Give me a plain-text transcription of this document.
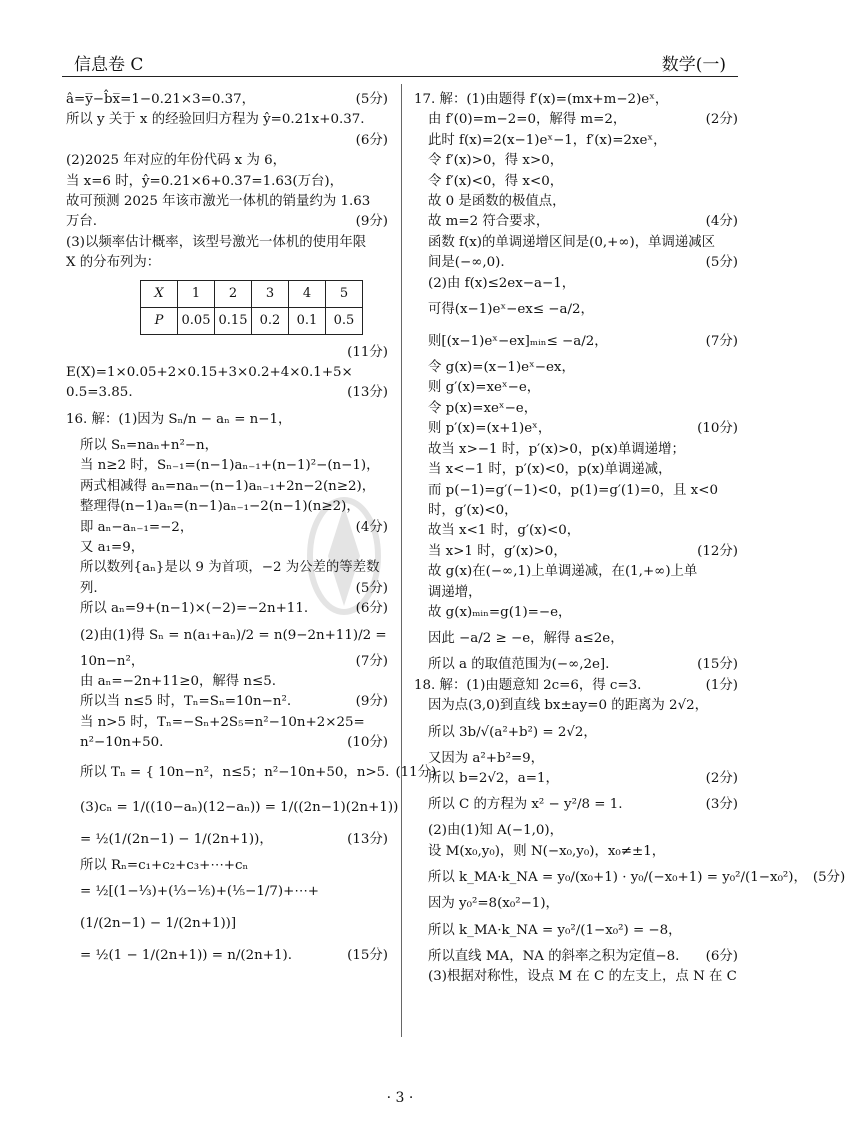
信息卷 C	数学(一)
â=y̅−b̂x̅=1−0.21×3=0.37，	(5分)
所以 y 关于 x 的经验回归方程为 ŷ=0.21x+0.37.
(6分)
(2)2025 年对应的年份代码 x 为 6，
当 x=6 时，ŷ=0.21×6+0.37=1.63(万台)，
故可预测 2025 年该市激光一体机的销量约为 1.63
万台.	(9分)
(3)以频率估计概率，该型号激光一体机的使用年限
X 的分布列为：
X	1	2	3	4	5
P	0.05	0.15	0.2	0.1	0.5
(11分)
E(X)=1×0.05+2×0.15+3×0.2+4×0.1+5×
0.5=3.85.	(13分)
16. 解：(1)因为 Sₙ/n − aₙ = n−1，
所以 Sₙ=naₙ+n²−n，
当 n≥2 时，Sₙ₋₁=(n−1)aₙ₋₁+(n−1)²−(n−1)，
两式相减得 aₙ=naₙ−(n−1)aₙ₋₁+2n−2(n≥2)，
整理得(n−1)aₙ=(n−1)aₙ₋₁−2(n−1)(n≥2)，
即 aₙ−aₙ₋₁=−2，	(4分)
又 a₁=9，
所以数列{aₙ}是以 9 为首项，−2 为公差的等差数
列.	(5分)
所以 aₙ=9+(n−1)×(−2)=−2n+11.	(6分)
(2)由(1)得 Sₙ = n(a₁+aₙ)/2 = n(9−2n+11)/2 =
10n−n²，	(7分)
由 aₙ=−2n+11≥0，解得 n≤5.
所以当 n≤5 时，Tₙ=Sₙ=10n−n².	(9分)
当 n>5 时，Tₙ=−Sₙ+2S₅=n²−10n+2×25=
n²−10n+50.	(10分)
所以 Tₙ = { 10n−n²，n≤5；n²−10n+50，n>5. (11分)
(3)cₙ = 1/((10−aₙ)(12−aₙ)) = 1/((2n−1)(2n+1))
= ½(1/(2n−1) − 1/(2n+1))，	(13分)
所以 Rₙ=c₁+c₂+c₃+⋯+cₙ
= ½[(1−⅓)+(⅓−⅕)+(⅕−1/7)+⋯+
(1/(2n−1) − 1/(2n+1))]
= ½(1 − 1/(2n+1)) = n/(2n+1).	(15分)
17. 解：(1)由题得 f′(x)=(mx+m−2)eˣ，
由 f′(0)=m−2=0，解得 m=2，	(2分)
此时 f(x)=2(x−1)eˣ−1，f′(x)=2xeˣ，
令 f′(x)>0，得 x>0，
令 f′(x)<0，得 x<0，
故 0 是函数的极值点，
故 m=2 符合要求，	(4分)
函数 f(x)的单调递增区间是(0,+∞)，单调递减区
间是(−∞,0).	(5分)
(2)由 f(x)≤2ex−a−1，
可得(x−1)eˣ−ex≤ −a/2，
则[(x−1)eˣ−ex]ₘᵢₙ≤ −a/2，	(7分)
令 g(x)=(x−1)eˣ−ex，
则 g′(x)=xeˣ−e，
令 p(x)=xeˣ−e，
则 p′(x)=(x+1)eˣ，	(10分)
故当 x>−1 时，p′(x)>0，p(x)单调递增；
当 x<−1 时，p′(x)<0，p(x)单调递减，
而 p(−1)=g′(−1)<0，p(1)=g′(1)=0，且 x<0
时，g′(x)<0，
故当 x<1 时，g′(x)<0，
当 x>1 时，g′(x)>0，	(12分)
故 g(x)在(−∞,1)上单调递减，在(1,+∞)上单
调递增，
故 g(x)ₘᵢₙ=g(1)=−e，
因此 −a/2 ≥ −e，解得 a≤2e，
所以 a 的取值范围为(−∞,2e].	(15分)
18. 解：(1)由题意知 2c=6，得 c=3.	(1分)
因为点(3,0)到直线 bx±ay=0 的距离为 2√2，
所以 3b/√(a²+b²) = 2√2，
又因为 a²+b²=9，
所以 b=2√2，a=1，	(2分)
所以 C 的方程为 x² − y²/8 = 1.	(3分)
(2)由(1)知 A(−1,0)，
设 M(x₀,y₀)，则 N(−x₀,y₀)，x₀≠±1，
所以 k_MA·k_NA = y₀/(x₀+1) · y₀/(−x₀+1) = y₀²/(1−x₀²)， (5分)
因为 y₀²=8(x₀²−1)，
所以 k_MA·k_NA = y₀²/(1−x₀²) = −8，
所以直线 MA，NA 的斜率之积为定值−8.	(6分)
(3)根据对称性，设点 M 在 C 的左支上，点 N 在 C
· 3 ·
